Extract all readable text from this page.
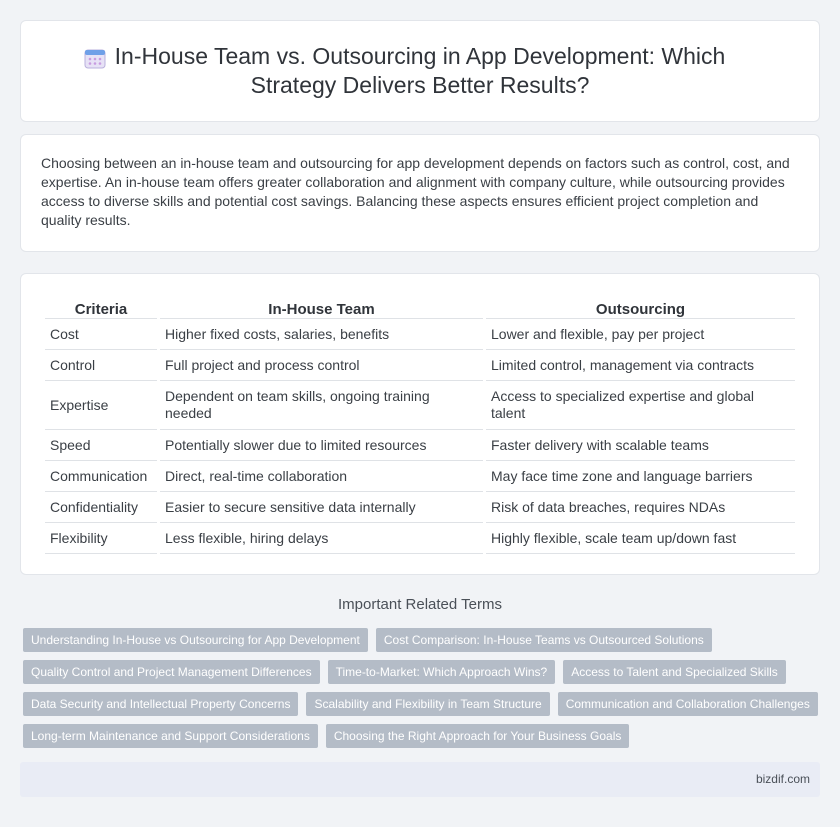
In-House Team vs. Outsourcing in App Development: Which
Strategy Delivers Better Results?

Choosing between an in-house team and outsourcing for app development depends on factors such as control, cost, and expertise. An in-house team offers greater collaboration and alignment with company culture, while outsourcing provides access to diverse skills and potential cost savings. Balancing these aspects ensures efficient project completion and quality results.

Criteria	In-House Team	Outsourcing
Cost	Higher fixed costs, salaries, benefits	Lower and flexible, pay per project
Control	Full project and process control	Limited control, management via contracts
Expertise	Dependent on team skills, ongoing training needed	Access to specialized expertise and global talent
Speed	Potentially slower due to limited resources	Faster delivery with scalable teams
Communication	Direct, real-time collaboration	May face time zone and language barriers
Confidentiality	Easier to secure sensitive data internally	Risk of data breaches, requires NDAs
Flexibility	Less flexible, hiring delays	Highly flexible, scale team up/down fast
Important Related Terms
Understanding In-House vs Outsourcing for App Development	Cost Comparison: In-House Teams vs Outsourced Solutions
Quality Control and Project Management Differences	Time-to-Market: Which Approach Wins?	Access to Talent and Specialized Skills
Data Security and Intellectual Property Concerns	Scalability and Flexibility in Team Structure	Communication and Collaboration Challenges
Long-term Maintenance and Support Considerations	Choosing the Right Approach for Your Business Goals
bizdif.com
